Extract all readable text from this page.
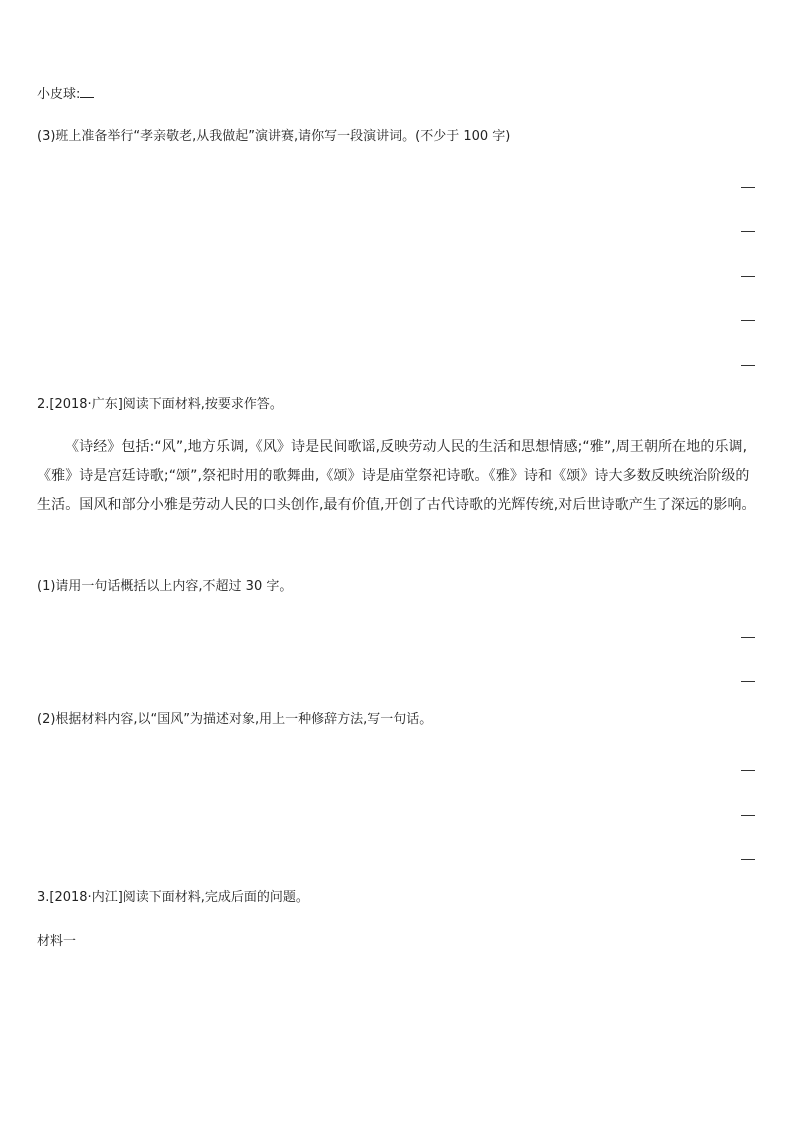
小皮球:
(3)班上准备举行“孝亲敬老,从我做起”演讲赛,请你写一段演讲词。(不少于 100 字)
2.[2018·广东]阅读下面材料,按要求作答。
《诗经》包括:“风”,地方乐调,《风》诗是民间歌谣,反映劳动人民的生活和思想情感;“雅”,周王朝所在地的乐调,《雅》诗是宫廷诗歌;“颂”,祭祀时用的歌舞曲,《颂》诗是庙堂祭祀诗歌。《雅》诗和《颂》诗大多数反映统治阶级的生活。国风和部分小雅是劳动人民的口头创作,最有价值,开创了古代诗歌的光辉传统,对后世诗歌产生了深远的影响。
(1)请用一句话概括以上内容,不超过 30 字。
(2)根据材料内容,以“国风”为描述对象,用上一种修辞方法,写一句话。
3.[2018·内江]阅读下面材料,完成后面的问题。
材料一
